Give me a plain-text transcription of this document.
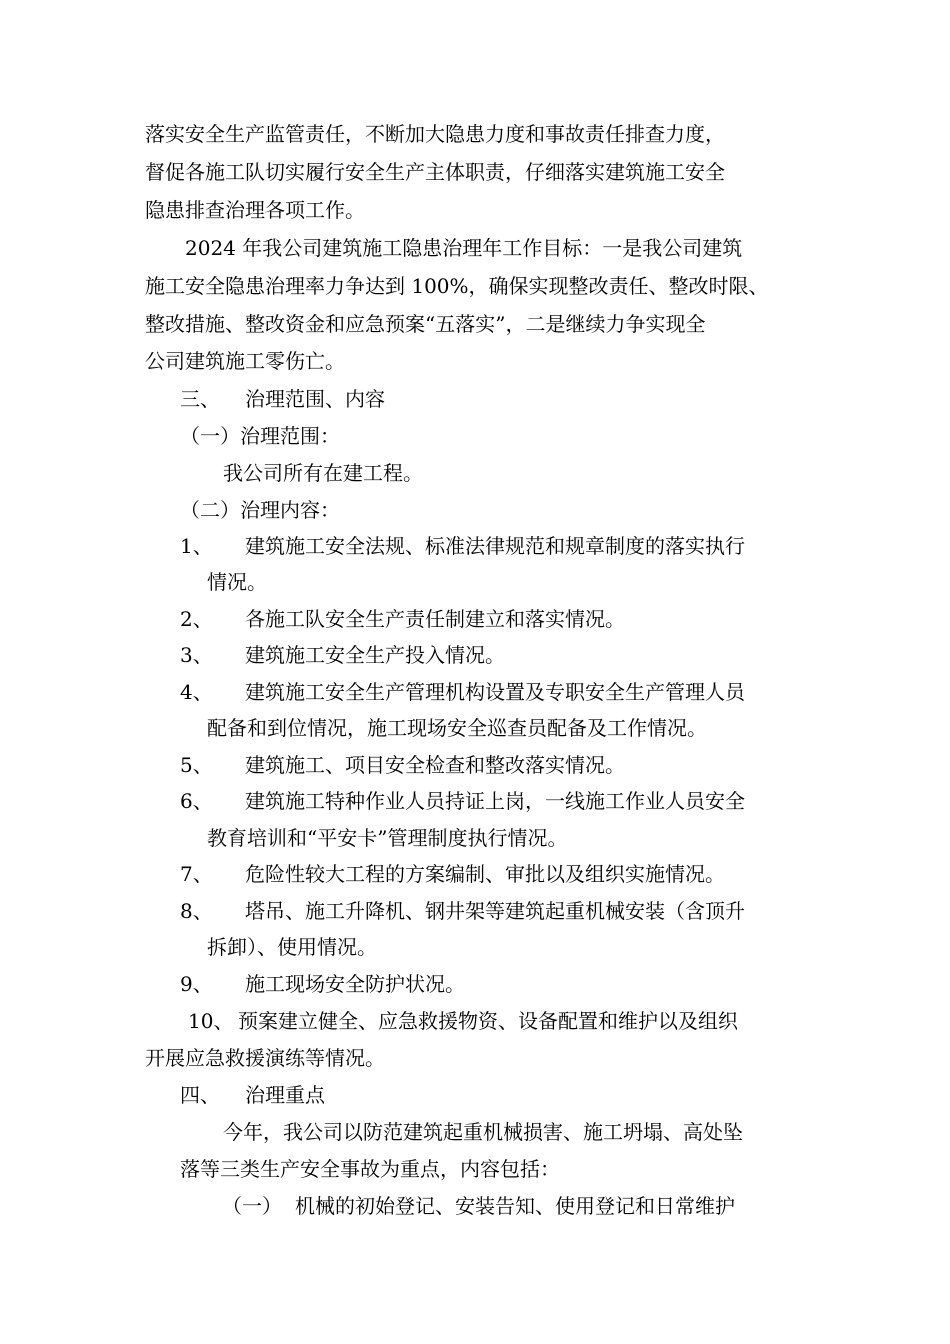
落实安全生产监管责任，不断加大隐患力度和事故责任排查力度，
督促各施工队切实履行安全生产主体职责，仔细落实建筑施工安全
隐患排查治理各项工作。
2024 年我公司建筑施工隐患治理年工作目标：一是我公司建筑
施工安全隐患治理率力争达到 100%，确保实现整改责任、整改时限、
整改措施、整改资金和应急预案“五落实”，二是继续力争实现全
公司建筑施工零伤亡。
三、 治理范围、内容
（一）治理范围：
我公司所有在建工程。
（二）治理内容：
1、 建筑施工安全法规、标准法律规范和规章制度的落实执行
情况。
2、 各施工队安全生产责任制建立和落实情况。
3、 建筑施工安全生产投入情况。
4、 建筑施工安全生产管理机构设置及专职安全生产管理人员
配备和到位情况，施工现场安全巡查员配备及工作情况。
5、 建筑施工、项目安全检查和整改落实情况。
6、 建筑施工特种作业人员持证上岗，一线施工作业人员安全
教育培训和“平安卡”管理制度执行情况。
7、 危险性较大工程的方案编制、审批以及组织实施情况。
8、 塔吊、施工升降机、钢井架等建筑起重机械安装（含顶升
拆卸）、使用情况。
9、 施工现场安全防护状况。
10、 预案建立健全、应急救援物资、设备配置和维护以及组织
开展应急救援演练等情况。
四、 治理重点
今年，我公司以防范建筑起重机械损害、施工坍塌、高处坠
落等三类生产安全事故为重点，内容包括：
（一） 机械的初始登记、安装告知、使用登记和日常维护
